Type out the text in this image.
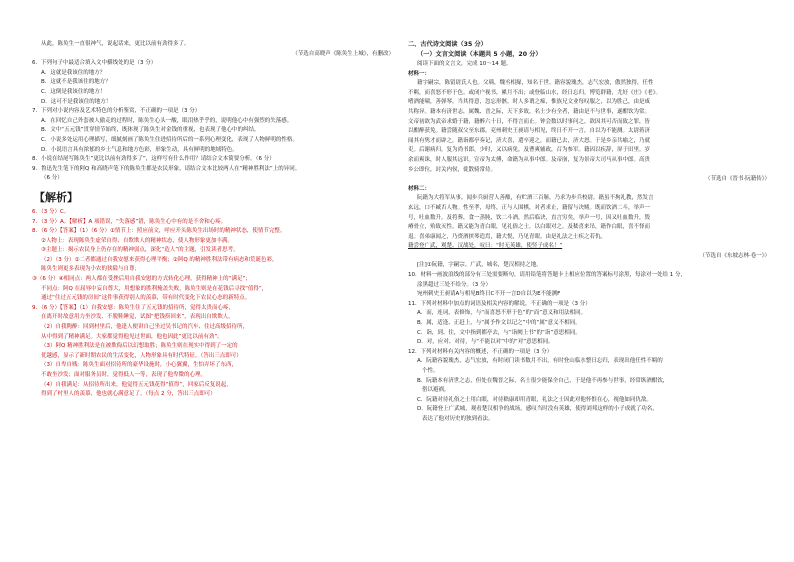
从此，陈奂生一直很神气，说起话来，更比以前有劲得多了。
（节选自高晓声《陈奂生上城》，有删改）
6．下列句子中最适合填入文中横线处的是（3 分）
A．这就是我该住的地方？
B．这就不是我该住的地方？
C．这倒是我该住的地方！
D．这可不是我该住的地方！
7．下列对小说内容及艺术特色的分析鉴赏，不正确的一项是（3 分）
A．在回忆自己外套被人偷走的过程时，陈奂生心头一酸，眼泪热乎乎的，说明他心中有强烈的失落感。
B．文中“五元钱”贯穿情节始终，既体现了陈奂生对金钱的重视，也表现了他心中的纠结。
C．小说多处运用心理描写，细腻刻画了陈奂生住进招待所后的一系列心理变化，表现了人物鲜明的性格。
D．小说语言具有浓郁的乡土气息和地方色彩，形象生动，具有鲜明的地域特色。
8．小说在结尾写陈奂生“更比以前有劲得多了”，这样写有什么作用？请结合文本简要分析。（6 分）
9．鲁迅先生笔下的阿Q 和高晓声笔下的陈奂生都是农民形象，请结合文本比较两人在“精神胜利法”上的异同。
（6 分）
【解析】
6．（3 分）C。
7．（3 分）A。【解析】A 项错误，“失落感”错，陈奂生心中有的是不舍和心疼。
8．（6 分）【答案】（1）（6 分）①情节上：照应前文，呼应开头陈奂生出场时的精神状态，使情节完整。
②人物上：表现陈奂生虚荣自得、自欺欺人的精神状态，使人物形象更加丰满。
③主题上：揭示农民身上仍存在的精神弱点，深化“造人”的主题，引发读者思考。
（2）（3 分）①二者都通过自我安慰来获得心理平衡；②阿Q 的精神胜利法带有病态和荒诞色彩，
陈奂生则更多表现为小农的狭隘与自尊；
③（6 分）④相同点：两人都在受挫后用自我安慰的方式转化心理，获得精神上的“满足”；
不同点：阿Q 在屈辱中妄自尊大，用想象的胜利掩盖失败，陈奂生则是在花钱后寻找“值得”，
通过“住过五元钱的房间”这件事获得别人的羡慕，带有时代变化下农民心态的新特点。
9．（6 分）【答案】（1）自我安慰：陈奂生住了五元钱的招待所，觉得太贵而心疼，
在离开时故意用力坐沙发、不脱鞋睡觉，试图“把钱捞回来”，表现出自欺欺人。
（2）自我陶醉：回到村里后，他逢人便讲自己坐过吴书记的汽车、住过高级招待所，
从中得到了精神满足。大家都觉得他见过世面，他也因此“更比以前有劲”。
（3）阿Q 精神胜利法是在被欺侮后以幻想取胜；陈奂生则在现实中得到了一定的
优越感，显示了新时期农民的生活变化，人物形象具有时代特征。（答出三点即可）
（3）自卑自贱：陈奂生面对招待所的豪华设施时，小心翼翼，生怕弄坏了东西，
不敢坐沙发；面对服务员时，觉得低人一等，表现了他卑微的心理。
（4）自我满足：从招待所出来，他觉得五元钱花得“值得”，回家后反复说起，
得到了村里人的羡慕，他也就心满意足了。（每点 2 分，答出三点即可）
二、古代诗文阅读（35 分）
（一）文言文阅读（本题共 5 小题，20 分）
阅读下面的文言文，完成 10～14 题。
材料一：
籍字嗣宗，陈留尉氏人也。父瑀，魏丞相掾，知名于世。籍容貌瑰杰，志气宏放，傲然独得，任性
不羁，而喜怒不形于色。或闭户视书，累月不出；或登临山水，经日忘归。博览群籍，尤好《庄》《老》。
嗜酒能啸，善弹琴。当其得意，忽忘形骸。时人多谓之痴，惟族兄文业每叹服之，以为胜己，由是咸
共称异。籍本有济世志，属魏、晋之际，天下多故，名士少有全者，籍由是不与世事，遂酣饮为常。
文帝初欲为武帝求婚于籍，籍醉六十日，不得言而止。钟会数以时事问之，欲因其可否而致之罪，皆
以酣醉获免。籍尝随叔父至东郡，兖州刺史王昶请与相见，终日不开一言，自以为不能测。太尉蒋济
闻其有隽才而辟之，籍诣都亭奏记，济大喜，遣卒迎之，而籍已去，济大怒。于是乡亲共喻之，乃就
吏。后谢病归。复为尚书郎，少时，又以病免。及曹爽辅政，召为参军。籍因以疾辞，屏于田里。岁
余而爽诛，时人服其远识。宣帝为太傅，命籍为从事中郎。及帝崩，复为景帝大司马从事中郎。高贵
乡公即位，封关内侯，徙散骑常侍。
（节选自《晋书·阮籍传》）
材料二：
阮籍为大将军从事，闻步兵厨营人善酿，有贮酒三百斛，乃求为步兵校尉。籍虽不拘礼教，然发言
玄远，口不臧否人物。性至孝，母终，正与人围棋，对者求止，籍留与决赌。既而饮酒二斗，举声一
号，吐血数升。及将葬，食一蒸肫，饮二斗酒，然后临诀，直言穷矣，举声一号，因又吐血数升，毁
瘠骨立，殆致灭性。籍又能为青白眼，见礼俗之士，以白眼对之。及嵇喜来吊，籍作白眼，喜不怿而
退。喜弟康闻之，乃赍酒挟琴造焉，籍大悦，乃见青眼。由是礼法之士疾之若仇。
籍尝登广武，观楚、汉战处，叹曰：“时无英雄，使竖子成名！”
（节选自《东坡志林·卷一》）
[注]①阮籍，字嗣宗。广武，城名，楚汉相持之地。
10．材料一画波浪线的部分有三处需要断句，请用铅笔将答题卡上相应位置的答案标号涂黑，每涂对一处给 1 分，
涂黑超过三处不给分。（3 分）
宛州刺史王昶请A与相见B终日C不开一言D自以为E不能测F
11．下列对材料中加点的词语及相关内容的解说，不正确的一项是（3 分）
A．而，连词，表修饰，与“而喜怒不形于色”的“而”意义和用法相同。
B．属，适逢、正赶上，与“属予作文以记之”中的“属”意义不相同。
C．诣，到、往，文中指到都亭去，与“诣阙上书”的“诣”意思相同。
D．对，应对、对待，与“不能以对”中的“对”意思相同。
12．下列对材料有关内容的概述，不正确的一项是（3 分）
A．阮籍容貌瑰杰，志气宏放，有时闭门读书数月不出，有时登山临水整日忘归，表现出他任性不羁的
个性。
B．阮籍本有济世之志，但处在魏晋之际，名士很少能保全自己，于是他不再参与世事，经常纵酒酣饮，
借以避祸。
C．阮籍对待礼俗之士用白眼，对待嵇康却用青眼，礼法之士因此对他怀恨在心，视他如同仇敌。
D．阮籍登上广武城，观看楚汉相争的战场，感叹当时没有英雄，使得刘邦这样的小子成就了功名，
表达了他对历史的独到看法。
